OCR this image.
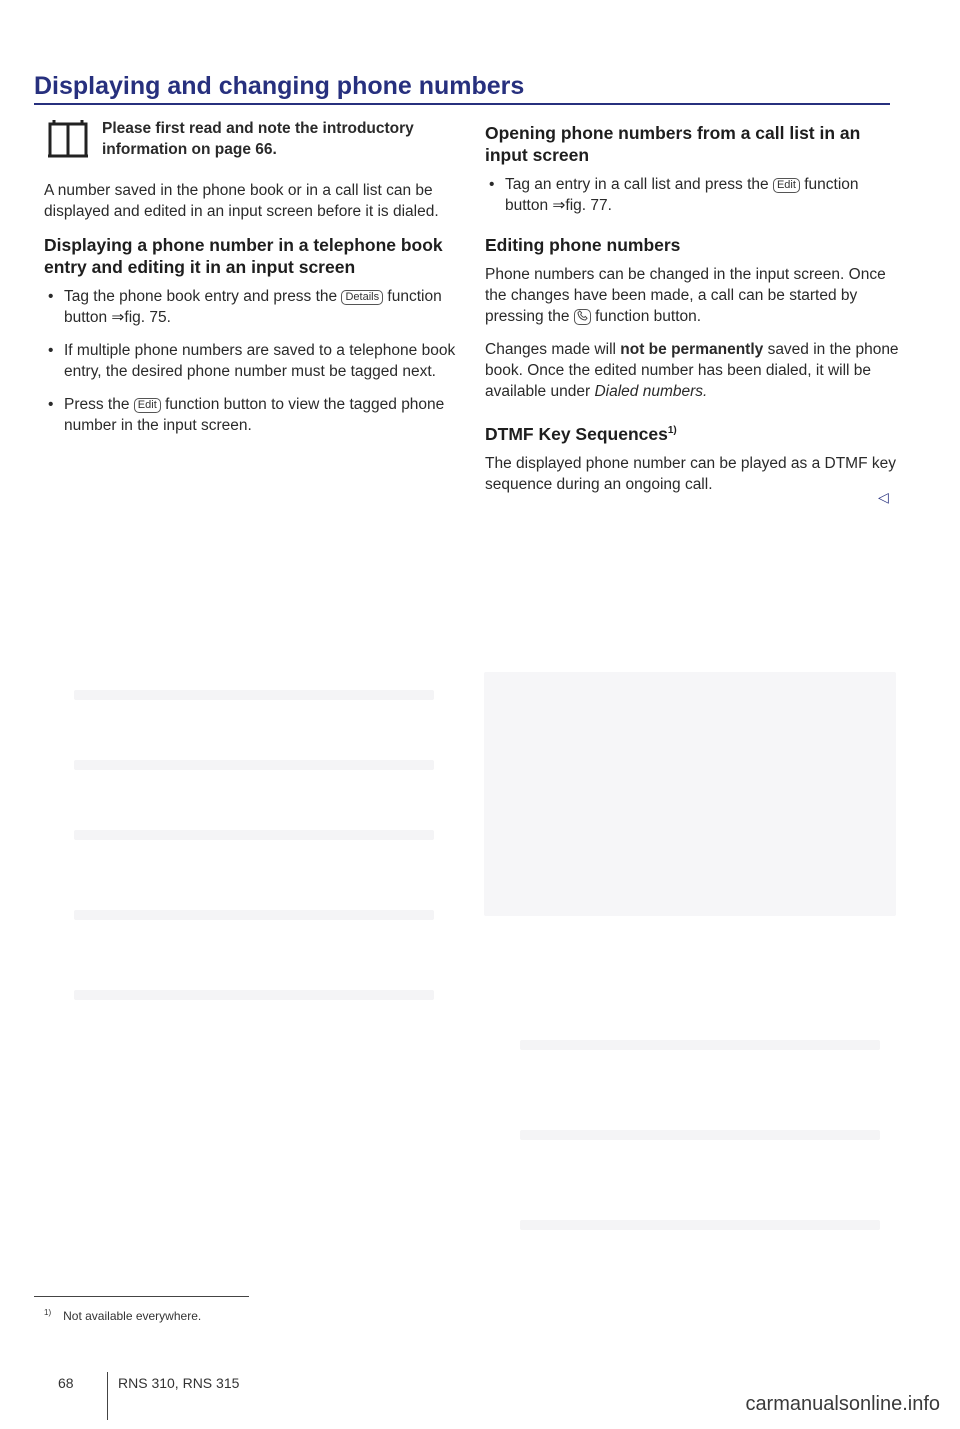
Displaying and changing phone numbers
Please first read and note the introductory information on page 66.

A number saved in the phone book or in a call list can be displayed and edited in an input screen before it is dialed.

Displaying a phone number in a telephone book entry and editing it in an input screen
• Tag the phone book entry and press the Details function button ⇒fig. 75.
• If multiple phone numbers are saved to a telephone book entry, the desired phone number must be tagged next.
• Press the Edit function button to view the tagged phone number in the input screen.
Opening phone numbers from a call list in an input screen
• Tag an entry in a call list and press the Edit function button ⇒fig. 77.
Editing phone numbers

Phone numbers can be changed in the input screen. Once the changes have been made, a call can be started by pressing the function button.

Changes made will not be permanently saved in the phone book. Once the edited number has been dialed, it will be available under Dialed numbers.

DTMF Key Sequences$^{1)}$

The displayed phone number can be played as a DTMF key sequence during an ongoing call.

◁
$^{1)}$ Not available everywhere.
68	RNS 310, RNS 315
carmanualsonline.info
